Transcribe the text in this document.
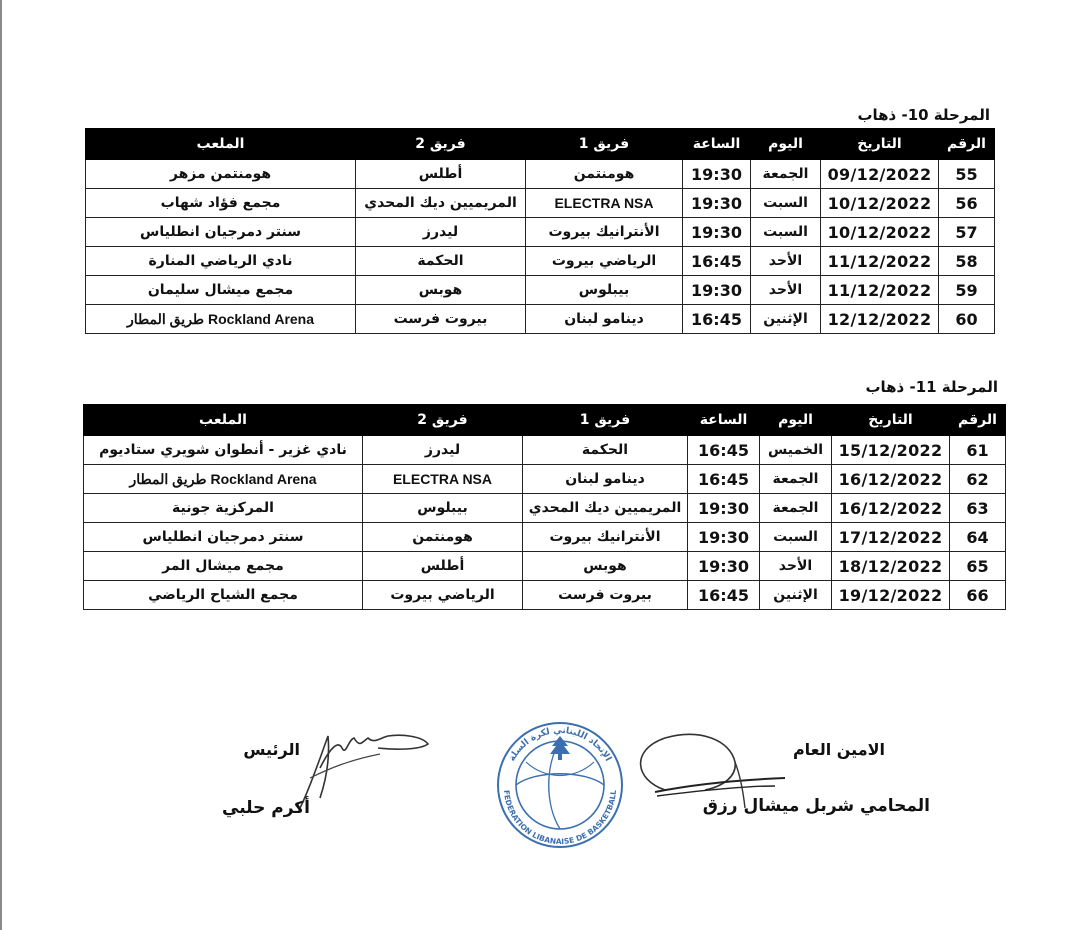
المرحلة 10- ذهاب
الرقم	التاريخ	اليوم	الساعة	فريق 1	فريق 2	الملعب
55	09/12/2022	الجمعة	19:30	هومنتمن	أطلس	هومنتمن مزهر
56	10/12/2022	السبت	19:30	ELECTRA NSA	المريميين ديك المحدي	مجمع فؤاد شهاب
57	10/12/2022	السبت	19:30	الأنترانيك بيروت	ليدرز	سنتر دمرجيان انطلياس
58	11/12/2022	الأحد	16:45	الرياضي بيروت	الحكمة	نادي الرياضي المنارة
59	11/12/2022	الأحد	19:30	بيبلوس	هوبس	مجمع ميشال سليمان
60	12/12/2022	الإثنين	16:45	دينامو لبنان	بيروت فرست	Rockland Arena طريق المطار
المرحلة 11- ذهاب
الرقم	التاريخ	اليوم	الساعة	فريق 1	فريق 2	الملعب
61	15/12/2022	الخميس	16:45	الحكمة	ليدرز	نادي غزير - أنطوان شويري ستاديوم
62	16/12/2022	الجمعة	16:45	دينامو لبنان	ELECTRA NSA	Rockland Arena طريق المطار
63	16/12/2022	الجمعة	19:30	المريميين ديك المحدي	بيبلوس	المركزية جونية
64	17/12/2022	السبت	19:30	الأنترانيك بيروت	هومنتمن	سنتر دمرجيان انطلياس
65	18/12/2022	الأحد	19:30	هوبس	أطلس	مجمع ميشال المر
66	19/12/2022	الإثنين	16:45	بيروت فرست	الرياضي بيروت	مجمع الشياح الرياضي
الامين العام
المحامي شربل ميشال رزق
الرئيس
أكرم حلبي
الإتحاد اللبناني لكرة السلة
FEDERATION LIBANAISE DE BASKETBALL
